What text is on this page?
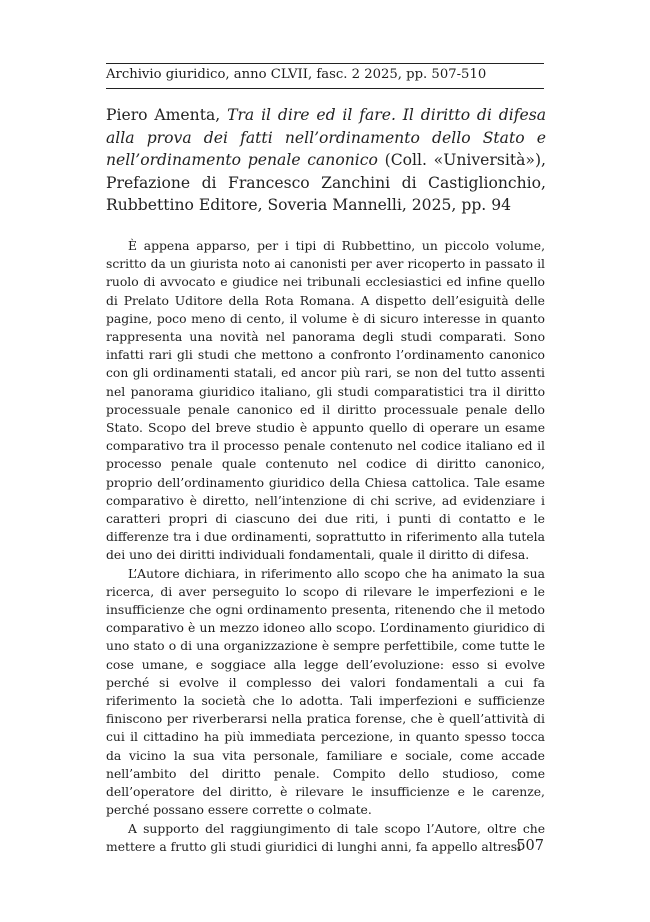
Archivio giuridico, anno CLVII, fasc. 2 2025, pp. 507-510
Piero Amenta, Tra il dire ed il fare. Il diritto di difesa alla prova dei fatti nell’ordinamento dello Stato e nell’ordinamento penale canonico (Coll. «Università»), Prefazione di Francesco Zanchini di Castiglionchio, Rubbettino Editore, Soveria Mannelli, 2025, pp. 94

È appena apparso, per i tipi di Rubbettino, un piccolo volume, scritto da un giurista noto ai canonisti per aver ricoperto in passato il ruolo di avvocato e giudice nei tribunali ecclesiastici ed infine quello di Prelato Uditore della Rota Romana. A dispetto dell’esiguità delle pagine, poco meno di cento, il volume è di sicuro interesse in quanto rappresenta una novità nel panorama degli studi comparati. Sono infatti rari gli studi che mettono a confronto l’ordinamento canonico con gli ordinamenti statali, ed ancor più rari, se non del tutto assenti nel panorama giuridico italiano, gli studi comparatistici tra il diritto processuale penale canonico ed il diritto processuale penale dello Stato. Scopo del breve studio è appunto quello di operare un esame comparativo tra il processo penale contenuto nel codice italiano ed il processo penale quale contenuto nel codice di diritto canonico, proprio dell’ordinamento giuridico della Chiesa cattolica. Tale esame comparativo è diretto, nell’intenzione di chi scrive, ad evidenziare i caratteri propri di ciascuno dei due riti, i punti di contatto e le differenze tra i due ordinamenti, soprattutto in riferimento alla tutela dei uno dei diritti individuali fondamentali, quale il diritto di difesa.

L’Autore dichiara, in riferimento allo scopo che ha animato la sua ricerca, di aver perseguito lo scopo di rilevare le imperfezioni e le insufficienze che ogni ordinamento presenta, ritenendo che il metodo comparativo è un mezzo idoneo allo scopo. L’ordinamento giuridico di uno stato o di una organizzazione è sempre perfettibile, come tutte le cose umane, e soggiace alla legge dell’evoluzione: esso si evolve perché si evolve il complesso dei valori fondamentali a cui fa riferimento la società che lo adotta. Tali imperfezioni e sufficienze finiscono per riverberarsi nella pratica forense, che è quell’attività di cui il cittadino ha più immediata percezione, in quanto spesso tocca da vicino la sua vita personale, familiare e sociale, come accade nell’ambito del diritto penale. Compito dello studioso, come dell’operatore del diritto, è rilevare le insufficienze e le carenze, perché possano essere corrette o colmate.

A supporto del raggiungimento di tale scopo l’Autore, oltre che mettere a frutto gli studi giuridici di lunghi anni, fa appello altresì

507
